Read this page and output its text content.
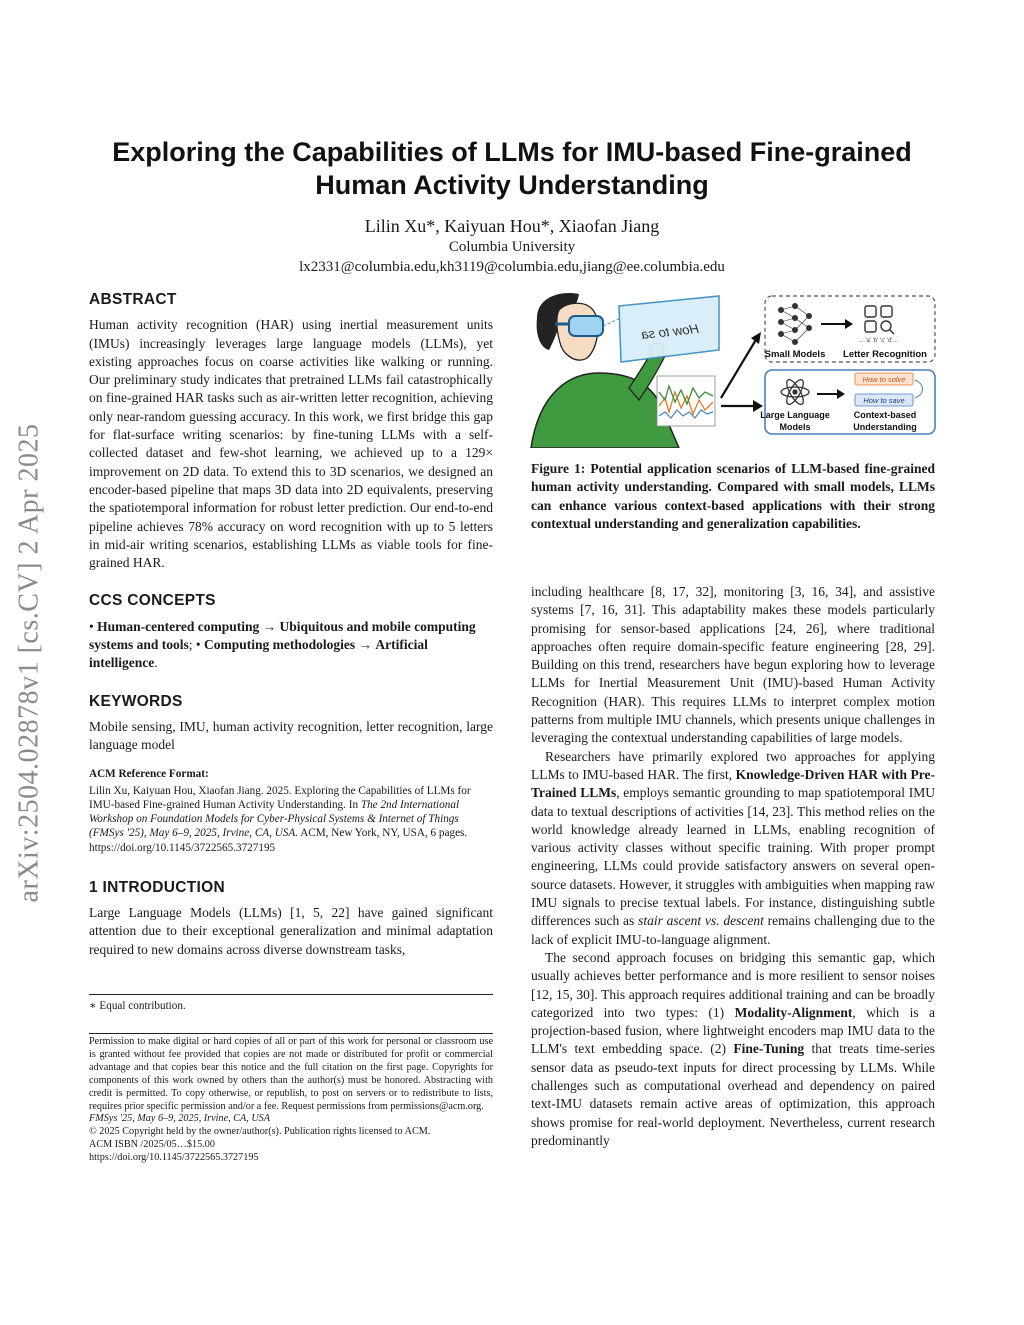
arXiv:2504.02878v1 [cs.CV] 2 Apr 2025
Exploring the Capabilities of LLMs for IMU-based Fine-grained Human Activity Understanding
Lilin Xu*, Kaiyuan Hou*, Xiaofan Jiang
Columbia University
lx2331@columbia.edu,kh3119@columbia.edu,jiang@ee.columbia.edu
ABSTRACT

Human activity recognition (HAR) using inertial measurement units (IMUs) increasingly leverages large language models (LLMs), yet existing approaches focus on coarse activities like walking or running. Our preliminary study indicates that pretrained LLMs fail catastrophically on fine-grained HAR tasks such as air-written letter recognition, achieving only near-random guessing accuracy. In this work, we first bridge this gap for flat-surface writing scenarios: by fine-tuning LLMs with a self-collected dataset and few-shot learning, we achieved up to a 129× improvement on 2D data. To extend this to 3D scenarios, we designed an encoder-based pipeline that maps 3D data into 2D equivalents, preserving the spatiotemporal information for robust letter prediction. Our end-to-end pipeline achieves 78% accuracy on word recognition with up to 5 letters in mid-air writing scenarios, establishing LLMs as viable tools for fine-grained HAR.

CCS CONCEPTS

• Human-centered computing → Ubiquitous and mobile computing systems and tools; • Computing methodologies → Artificial intelligence.

KEYWORDS

Mobile sensing, IMU, human activity recognition, letter recognition, large language model

ACM Reference Format:

Lilin Xu, Kaiyuan Hou, Xiaofan Jiang. 2025. Exploring the Capabilities of LLMs for IMU-based Fine-grained Human Activity Understanding. In The 2nd International Workshop on Foundation Models for Cyber-Physical Systems & Internet of Things (FMSys '25), May 6–9, 2025, Irvine, CA, USA. ACM, New York, NY, USA, 6 pages. https://doi.org/10.1145/3722565.3727195

1 INTRODUCTION

Large Language Models (LLMs) [1, 5, 22] have gained significant attention due to their exceptional generalization and minimal adaptation required to new domains across diverse downstream tasks,

∗ Equal contribution.

Permission to make digital or hard copies of all or part of this work for personal or classroom use is granted without fee provided that copies are not made or distributed for profit or commercial advantage and that copies bear this notice and the full citation on the first page. Copyrights for components of this work owned by others than the author(s) must be honored. Abstracting with credit is permitted. To copy otherwise, or republish, to post on servers or to redistribute to lists, requires prior specific permission and/or a fee. Request permissions from permissions@acm.org.

FMSys '25, May 6–9, 2025, Irvine, CA, USA

© 2025 Copyright held by the owner/author(s). Publication rights licensed to ACM.

ACM ISBN /2025/05…$15.00

https://doi.org/10.1145/3722565.3727195

How to sa	…'a' 'b' 'c' 'd'…
Small Models Letter Recognition
How to solve
How to save
Large Language
Models
Context-based
Understanding
Figure 1: Potential application scenarios of LLM-based fine-grained human activity understanding. Compared with small models, LLMs can enhance various context-based applications with their strong contextual understanding and generalization capabilities.

including healthcare [8, 17, 32], monitoring [3, 16, 34], and assistive systems [7, 16, 31]. This adaptability makes these models particularly promising for sensor-based applications [24, 26], where traditional approaches often require domain-specific feature engineering [28, 29]. Building on this trend, researchers have begun exploring how to leverage LLMs for Inertial Measurement Unit (IMU)-based Human Activity Recognition (HAR). This requires LLMs to interpret complex motion patterns from multiple IMU channels, which presents unique challenges in leveraging the contextual understanding capabilities of large models.

Researchers have primarily explored two approaches for applying LLMs to IMU-based HAR. The first, Knowledge-Driven HAR with Pre-Trained LLMs, employs semantic grounding to map spatiotemporal IMU data to textual descriptions of activities [14, 23]. This method relies on the world knowledge already learned in LLMs, enabling recognition of various activity classes without specific training. With proper prompt engineering, LLMs could provide satisfactory answers on several open-source datasets. However, it struggles with ambiguities when mapping raw IMU signals to precise textual labels. For instance, distinguishing subtle differences such as stair ascent vs. descent remains challenging due to the lack of explicit IMU-to-language alignment.

The second approach focuses on bridging this semantic gap, which usually achieves better performance and is more resilient to sensor noises [12, 15, 30]. This approach requires additional training and can be broadly categorized into two types: (1) Modality-Alignment, which is a projection-based fusion, where lightweight encoders map IMU data to the LLM's text embedding space. (2) Fine-Tuning that treats time-series sensor data as pseudo-text inputs for direct processing by LLMs. While challenges such as computational overhead and dependency on paired text-IMU datasets remain active areas of optimization, this approach shows promise for real-world deployment. Nevertheless, current research predominantly
